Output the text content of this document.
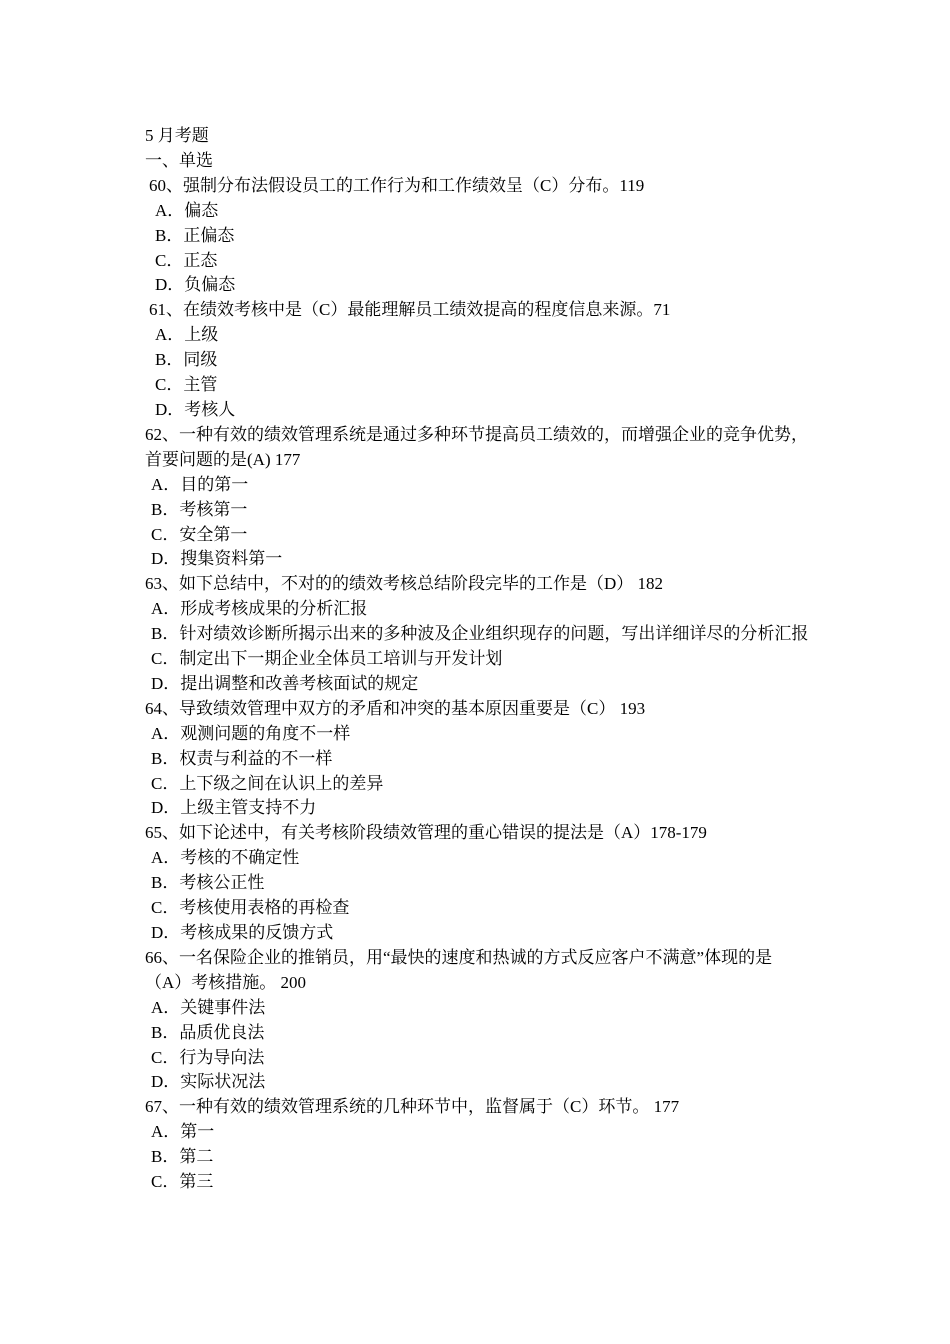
5 月考题
一、单选
60、强制分布法假设员工的工作行为和工作绩效呈（C）分布。119
A．偏态
B．正偏态
C．正态
D．负偏态
61、在绩效考核中是（C）最能理解员工绩效提高的程度信息来源。71
A．上级
B．同级
C．主管
D．考核人
62、一种有效的绩效管理系统是通过多种环节提高员工绩效的，而增强企业的竞争优势，首要问题的是(A) 177
A．目的第一
B．考核第一
C．安全第一
D．搜集资料第一
63、如下总结中，不对的的绩效考核总结阶段完毕的工作是（D） 182
A．形成考核成果的分析汇报
B．针对绩效诊断所揭示出来的多种波及企业组织现存的问题，写出详细详尽的分析汇报
C．制定出下一期企业全体员工培训与开发计划
D．提出调整和改善考核面试的规定
64、导致绩效管理中双方的矛盾和冲突的基本原因重要是（C） 193
A．观测问题的角度不一样
B．权责与利益的不一样
C．上下级之间在认识上的差异
D．上级主管支持不力
65、如下论述中，有关考核阶段绩效管理的重心错误的提法是（A）178-179
A．考核的不确定性
B．考核公正性
C．考核使用表格的再检查
D．考核成果的反馈方式
66、一名保险企业的推销员，用“最快的速度和热诚的方式反应客户不满意”体现的是（A）考核措施。 200
A．关键事件法
B．品质优良法
C．行为导向法
D．实际状况法
67、一种有效的绩效管理系统的几种环节中，监督属于（C）环节。 177
A．第一
B．第二
C．第三
